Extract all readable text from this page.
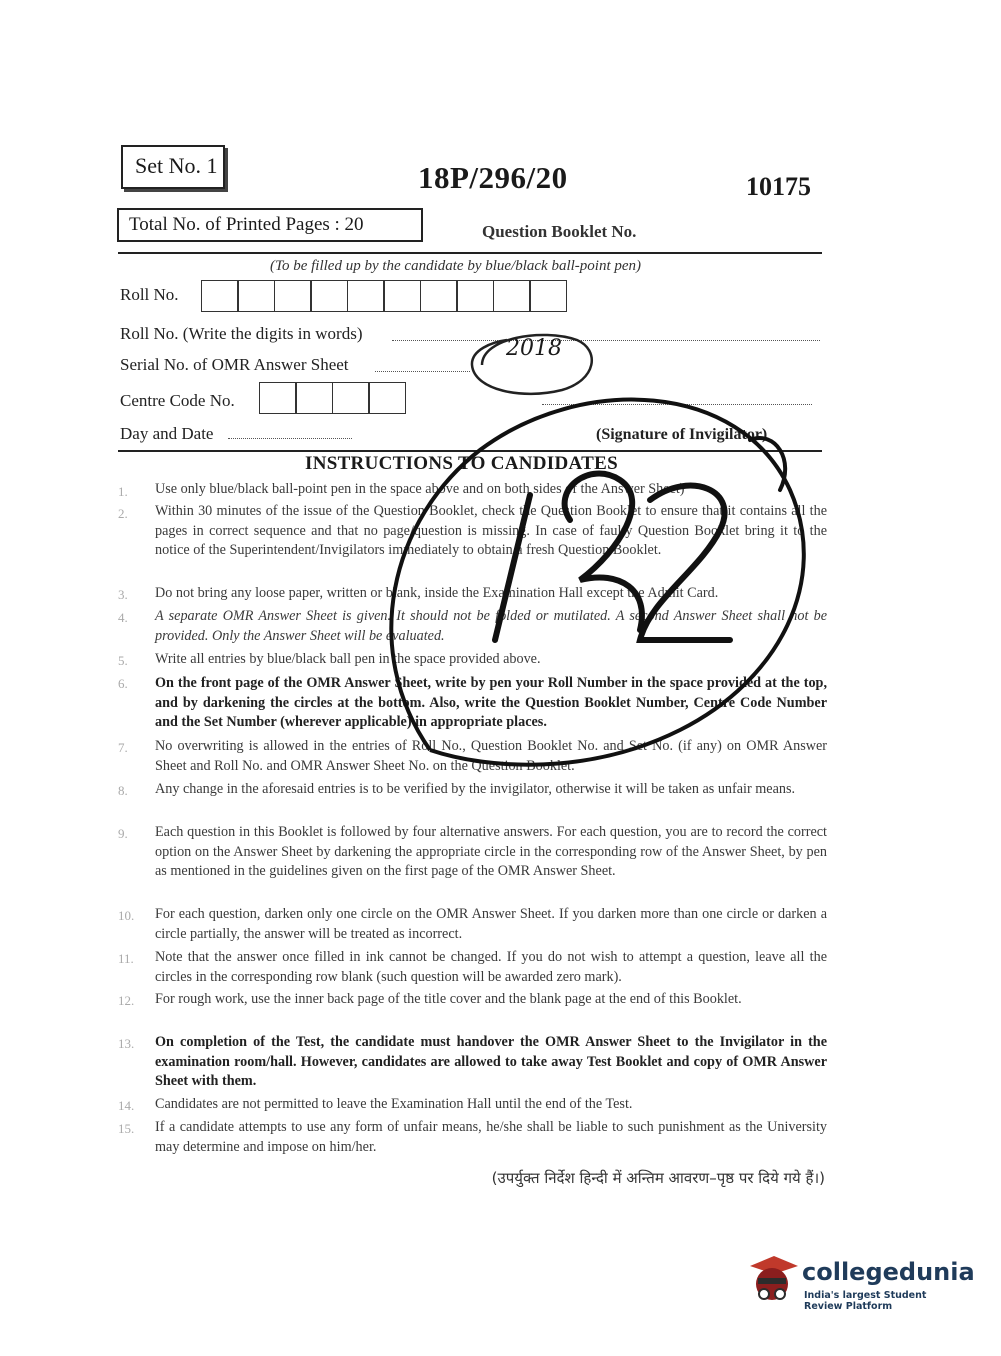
Set No. 1	18P/296/20	10175
Total No. of Printed Pages : 20	Question Booklet No.
(To be filled up by the candidate by blue/black ball-point pen)
Roll No.
Roll No. (Write the digits in words)
Serial No. of OMR Answer Sheet
2018
Centre Code No.
Day and Date	(Signature of Invigilator)
INSTRUCTIONS TO CANDIDATES
1.	Use only blue/black ball-point pen in the space above and on both sides of the Answer Sheet)
2.	Within 30 minutes of the issue of the Question Booklet, check the Question Booklet to ensure that it contains all the pages in correct sequence and that no page/question is missing. In case of faulty Question Booklet bring it to the notice of the Superintendent/Invigilators immediately to obtain a fresh Question Booklet.
3.	Do not bring any loose paper, written or blank, inside the Examination Hall except the Admit Card.
4.	A separate OMR Answer Sheet is given. It should not be folded or mutilated. A second Answer Sheet shall not be provided. Only the Answer Sheet will be evaluated.
5.	Write all entries by blue/black ball pen in the space provided above.
6.	On the front page of the OMR Answer Sheet, write by pen your Roll Number in the space provided at the top, and by darkening the circles at the bottom. Also, write the Question Booklet Number, Centre Code Number and the Set Number (wherever applicable) in appropriate places.
7.	No overwriting is allowed in the entries of Roll No., Question Booklet No. and Set No. (if any) on OMR Answer Sheet and Roll No. and OMR Answer Sheet No. on the Question Booklet.
8.	Any change in the aforesaid entries is to be verified by the invigilator, otherwise it will be taken as unfair means.
9.	Each question in this Booklet is followed by four alternative answers. For each question, you are to record the correct option on the Answer Sheet by darkening the appropriate circle in the corresponding row of the Answer Sheet, by pen as mentioned in the guidelines given on the first page of the OMR Answer Sheet.
10.	For each question, darken only one circle on the OMR Answer Sheet. If you darken more than one circle or darken a circle partially, the answer will be treated as incorrect.
11.	Note that the answer once filled in ink cannot be changed. If you do not wish to attempt a question, leave all the circles in the corresponding row blank (such question will be awarded zero mark).
12.	For rough work, use the inner back page of the title cover and the blank page at the end of this Booklet.
13.	On completion of the Test, the candidate must handover the OMR Answer Sheet to the Invigilator in the examination room/hall. However, candidates are allowed to take away Test Booklet and copy of OMR Answer Sheet with them.
14.	Candidates are not permitted to leave the Examination Hall until the end of the Test.
15.	If a candidate attempts to use any form of unfair means, he/she shall be liable to such punishment as the University may determine and impose on him/her.
(उपर्युक्त निर्देश हिन्दी में अन्तिम आवरण–पृष्ठ पर दिये गये हैं।)
collegedunia
India's largest Student Review Platform
